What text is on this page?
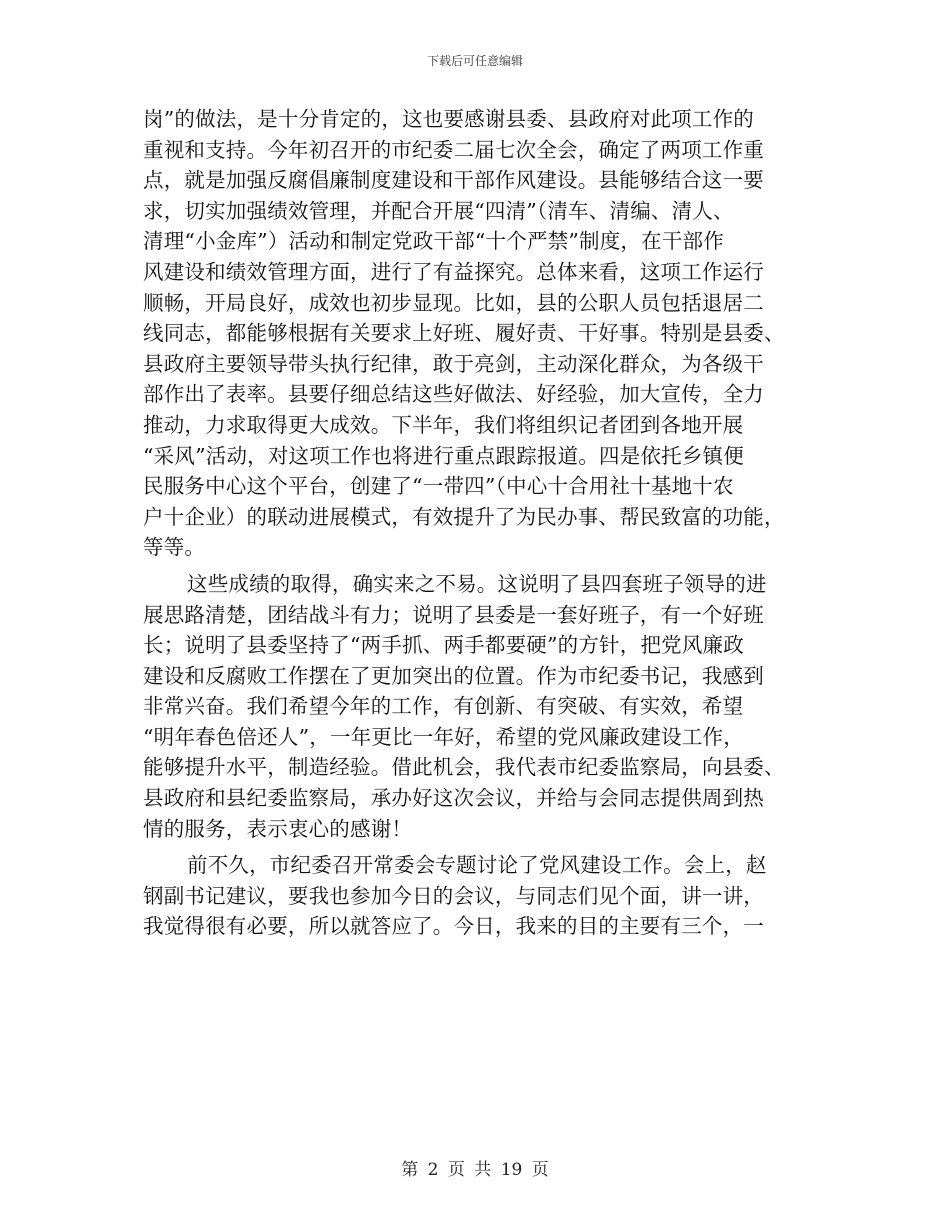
下载后可任意编辑
岗”的做法，是十分肯定的，这也要感谢县委、县政府对此项工作的
重视和支持。今年初召开的市纪委二届七次全会，确定了两项工作重
点，就是加强反腐倡廉制度建设和干部作风建设。县能够结合这一要
求，切实加强绩效管理，并配合开展“四清”（清车、清编、清人、
清理“小金库”）活动和制定党政干部“十个严禁”制度，在干部作
风建设和绩效管理方面，进行了有益探究。总体来看，这项工作运行
顺畅，开局良好，成效也初步显现。比如，县的公职人员包括退居二
线同志，都能够根据有关要求上好班、履好责、干好事。特别是县委、
县政府主要领导带头执行纪律，敢于亮剑，主动深化群众，为各级干
部作出了表率。县要仔细总结这些好做法、好经验，加大宣传，全力
推动，力求取得更大成效。下半年，我们将组织记者团到各地开展
“采风”活动，对这项工作也将进行重点跟踪报道。四是依托乡镇便
民服务中心这个平台，创建了“一带四”（中心十合用社十基地十农
户十企业）的联动进展模式，有效提升了为民办事、帮民致富的功能，
等等。
这些成绩的取得，确实来之不易。这说明了县四套班子领导的进
展思路清楚，团结战斗有力；说明了县委是一套好班子，有一个好班
长；说明了县委坚持了“两手抓、两手都要硬”的方针，把党风廉政
建设和反腐败工作摆在了更加突出的位置。作为市纪委书记，我感到
非常兴奋。我们希望今年的工作，有创新、有突破、有实效，希望
“明年春色倍还人”，一年更比一年好，希望的党风廉政建设工作，
能够提升水平，制造经验。借此机会，我代表市纪委监察局，向县委、
县政府和县纪委监察局，承办好这次会议，并给与会同志提供周到热
情的服务，表示衷心的感谢！
前不久，市纪委召开常委会专题讨论了党风建设工作。会上，赵
钢副书记建议，要我也参加今日的会议，与同志们见个面，讲一讲，
我觉得很有必要，所以就答应了。今日，我来的目的主要有三个，一
第 2 页 共 19 页
